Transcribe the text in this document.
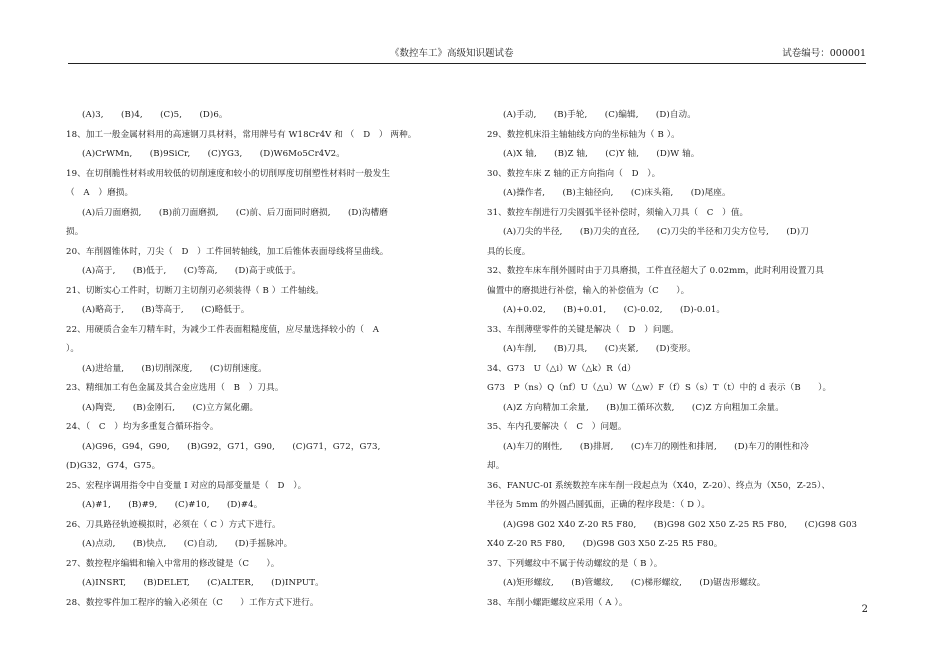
《数控车工》高级知识题试卷	试卷编号：000001
(A)3,　　(B)4,　　(C)5,　　(D)6。
18、加工一般金属材料用的高速钢刀具材料，常用牌号有 W18Cr4V 和 （　D　） 两种。
(A)CrWMn,　　(B)9SiCr,　　(C)YG3,　　(D)W6Mo5Cr4V2。
19、在切削脆性材料或用较低的切削速度和较小的切削厚度切削塑性材料时一般发生
（　A　）磨损。
(A)后刀面磨损,　　(B)前刀面磨损,　　(C)前、后刀面同时磨损,　　(D)沟槽磨
损。
20、车削圆锥体时，刀尖（　D　）工件回转轴线，加工后锥体表面母线将呈曲线。
(A)高于,　　(B)低于,　　(C)等高,　　(D)高于或低于。
21、切断实心工件时，切断刀主切削刃必须装得（ B ）工件轴线。
(A)略高于,　　(B)等高于,　　(C)略低于。
22、用硬质合金车刀精车时，为减少工件表面粗糙度值，应尽量选择较小的（　A
）。
(A)进给量,　　(B)切削深度,　　(C)切削速度。
23、精细加工有色金属及其合金应选用（　B　）刀具。
(A)陶瓷,　　(B)金刚石,　　(C)立方氮化硼。
24、（　C　）均为多重复合循环指令。
(A)G96，G94，G90,　　(B)G92，G71，G90,　　(C)G71，G72，G73,
(D)G32，G74，G75。
25、宏程序调用指令中自变量 I 对应的局部变量是（　D　）。
(A)#1,　　(B)#9,　　(C)#10,　　(D)#4。
26、刀具路径轨迹模拟时，必须在（ C ）方式下进行。
(A)点动,　　(B)快点,　　(C)自动,　　(D)手摇脉冲。
27、数控程序编辑和输入中常用的修改键是（C　　）。
(A)INSRT,　　(B)DELET,　　(C)ALTER,　　(D)INPUT。
28、数控零件加工程序的输入必须在（C　　）工作方式下进行。
(A)手动,　　(B)手轮,　　(C)编辑,　　(D)自动。
29、数控机床沿主轴轴线方向的坐标轴为（ B ）。
(A)X 轴,　　(B)Z 轴,　　(C)Y 轴,　　(D)W 轴。
30、数控车床 Z 轴的正方向指向（　D　）。
(A)操作者,　　(B)主轴径向,　　(C)床头箱,　　(D)尾座。
31、数控车削进行刀尖圆弧半径补偿时，须输入刀具（　C　）值。
(A)刀尖的半径,　　(B)刀尖的直径,　　(C)刀尖的半径和刀尖方位号,　　(D)刀
具的长度。
32、数控车床车削外圆时由于刀具磨损，工件直径超大了 0.02mm，此时利用设置刀具
偏置中的磨损进行补偿，输入的补偿值为（C　　）。
(A)+0.02,　　(B)+0.01,　　(C)-0.02,　　(D)-0.01。
33、车削薄壁零件的关键是解决（　D　）问题。
(A)车削,　　(B)刀具,　　(C)夹紧,　　(D)变形。
34、G73　U（△i）W（△k）R（d）
G73　P（ns）Q（nf）U（△u）W（△w）F（f）S（s）T（t）中的 d 表示（B　　）。
(A)Z 方向精加工余量,　　(B)加工循环次数,　　(C)Z 方向粗加工余量。
35、车内孔要解决（　C　）问题。
(A)车刀的刚性,　　(B)排屑,　　(C)车刀的刚性和排屑,　　(D)车刀的刚性和冷
却。
36、FANUC-0I 系统数控车床车削一段起点为（X40，Z-20）、终点为（X50，Z-25）、
半径为 5mm 的外圆凸圆弧面，正确的程序段是：（ D ）。
(A)G98 G02 X40 Z-20 R5 F80,　　(B)G98 G02 X50 Z-25 R5 F80,　　(C)G98 G03
X40 Z-20 R5 F80,　　(D)G98 G03 X50 Z-25 R5 F80。
37、下列螺纹中不属于传动螺纹的是（ B ）。
(A)矩形螺纹,　　(B)管螺纹,　　(C)梯形螺纹,　　(D)锯齿形螺纹。
38、车削小螺距螺纹应采用（ A ）。
2
